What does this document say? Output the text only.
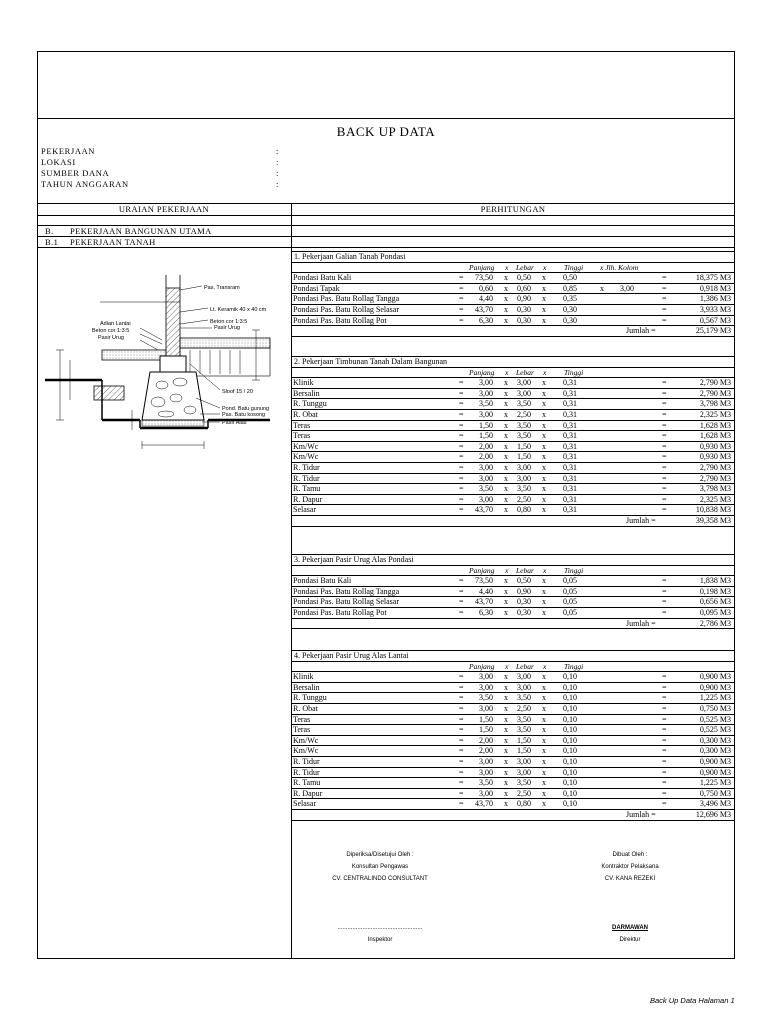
BACK UP DATA
PEKERJAAN	:
LOKASI	:
SUMBER DANA	:
TAHUN ANGGARAN	:
URAIAN PEKERJAAN	PERHITUNGAN
B. PEKERJAAN BANGUNAN UTAMA
B.1 PEKERJAAN TANAH
Pas. Transram
Lt. Keramik 40 x 40 cm
Beton cor 1:3:5
Pasir Urug
Adian Lantai
Beton cor 1:3:5
Pasir Urug
Sloof 15 / 20
Pond. Batu gunung
Pas. Batu kosong
Pasir Alas
1. Pekerjaan Galian Tanah Pondasi
Panjang x Lebar x Tinggi x Jlh. Kolom
Pondasi Batu Kali	=	73,50 x	0,50 x 0,50	=	18,375 M3
Pondasi Tapak	=	0,60 x	0,60 x 0,85	x 3,00	=	0,918 M3
Pondasi Pas. Batu Rollag Tangga	=	4,40 x	0,90 x 0,35	=	1,386 M3
Pondasi Pas. Batu Rollag Selasar	=	43,70 x	0,30 x 0,30	=	3,933 M3
Pondasi Pas. Batu Rollag Pot	=	6,30 x	0,30 x 0,30	=	0,567 M3
Jumlah =	25,179 M3
2. Pekerjaan Timbunan Tanah Dalam Bangunan
Panjang x Lebar x Tinggi
Klinik	=	3,00 x	3,00 x 0,31	=	2,790 M3
Bersalin	=	3,00 x	3,00 x 0,31	=	2,790 M3
R. Tunggu	=	3,50 x	3,50 x 0,31	=	3,798 M3
R. Obat	=	3,00 x	2,50 x 0,31	=	2,325 M3
Teras	=	1,50 x	3,50 x 0,31	=	1,628 M3
Teras	=	1,50 x	3,50 x 0,31	=	1,628 M3
Km/Wc	=	2,00 x	1,50 x 0,31	=	0,930 M3
Km/Wc	=	2,00 x	1,50 x 0,31	=	0,930 M3
R. Tidur	=	3,00 x	3,00 x 0,31	=	2,790 M3
R. Tidur	=	3,00 x	3,00 x 0,31	=	2,790 M3
R. Tamu	=	3,50 x	3,50 x 0,31	=	3,798 M3
R. Dapur	=	3,00 x	2,50 x 0,31	=	2,325 M3
Selasar	=	43,70 x	0,80 x 0,31	=	10,838 M3
Jumlah =	39,358 M3
3. Pekerjaan Pasir Urug Alas Pondasi
Panjang x Lebar x Tinggi
Pondasi Batu Kali	=	73,50 x	0,50 x 0,05	=	1,838 M3
Pondasi Pas. Batu Rollag Tangga	=	4,40 x	0,90 x 0,05	=	0,198 M3
Pondasi Pas. Batu Rollag Selasar	=	43,70 x	0,30 x 0,05	=	0,656 M3
Pondasi Pas. Batu Rollag Pot	=	6,30 x	0,30 x 0,05	=	0,095 M3
Jumlah =	2,786 M3
4. Pekerjaan Pasir Urug Alas Lantai
Panjang x Lebar x Tinggi
Klinik	=	3,00 x	3,00 x 0,10	=	0,900 M3
Bersalin	=	3,00 x	3,00 x 0,10	=	0,900 M3
R. Tunggu	=	3,50 x	3,50 x 0,10	=	1,225 M3
R. Obat	=	3,00 x	2,50 x 0,10	=	0,750 M3
Teras	=	1,50 x	3,50 x 0,10	=	0,525 M3
Teras	=	1,50 x	3,50 x 0,10	=	0,525 M3
Km/Wc	=	2,00 x	1,50 x 0,10	=	0,300 M3
Km/Wc	=	2,00 x	1,50 x 0,10	=	0,300 M3
R. Tidur	=	3,00 x	3,00 x 0,10	=	0,900 M3
R. Tidur	=	3,00 x	3,00 x 0,10	=	0,900 M3
R. Tamu	=	3,50 x	3,50 x 0,10	=	1,225 M3
R. Dapur	=	3,00 x	2,50 x 0,10	=	0,750 M3
Selasar	=	43,70 x	0,80 x 0,10	=	3,496 M3
Jumlah =	12,696 M3
Diperiksa/Disetujui Oleh :
Konsultan Pengawas
CV. CENTRALINDO CONSULTANT
...................................................
Inspektor
Dibuat Oleh :
Kontraktor Pelaksana
CV. KANA REZEKI
DARMAWAN
Direktur
Back Up Data Halaman 1
